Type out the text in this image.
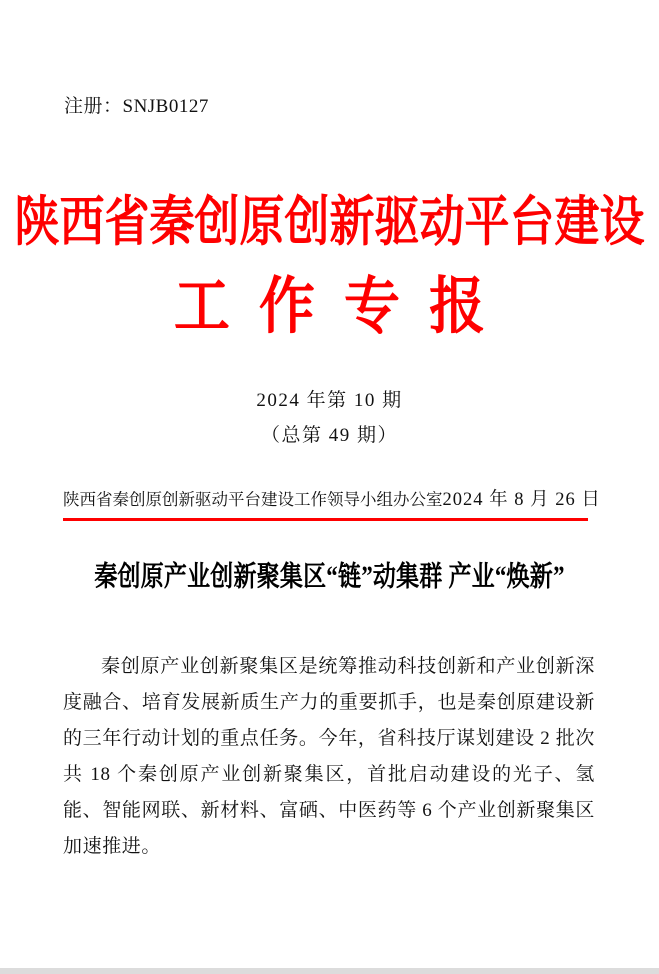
注册：SNJB0127
陕西省秦创原创新驱动平台建设
工作专报
2024 年第 10 期
（总第 49 期）
陕西省秦创原创新驱动平台建设工作领导小组办公室 2024 年 8 月 26 日
秦创原产业创新聚集区“链”动集群 产业“焕新”
秦创原产业创新聚集区是统筹推动科技创新和产业创新深度融合、培育发展新质生产力的重要抓手，也是秦创原建设新的三年行动计划的重点任务。今年，省科技厅谋划建设 2 批次共 18 个秦创原产业创新聚集区，首批启动建设的光子、氢能、智能网联、新材料、富硒、中医药等 6 个产业创新聚集区加速推进。
